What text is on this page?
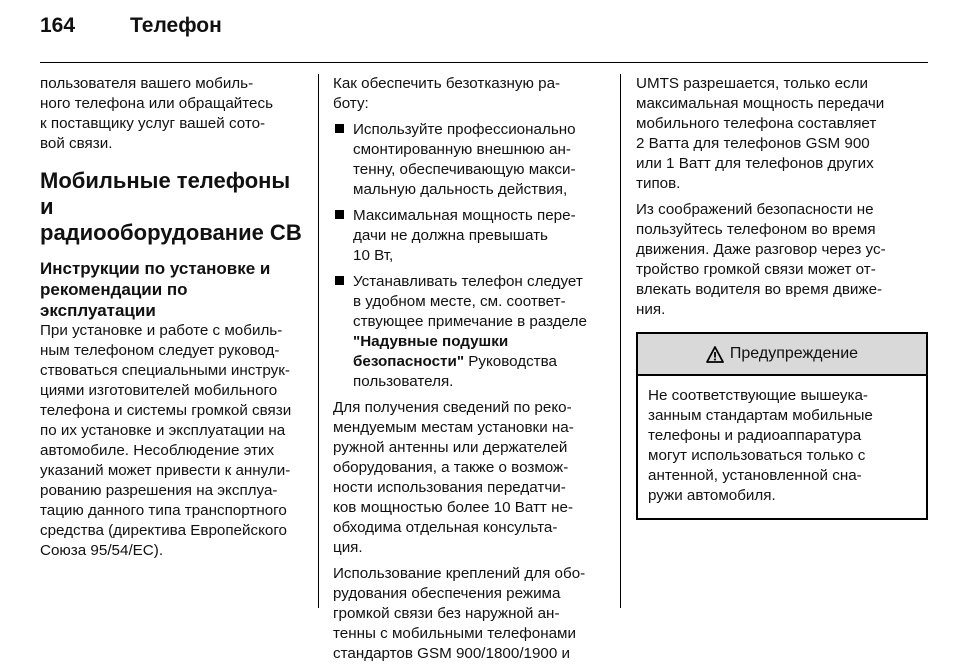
164	Телефон

пользователя вашего мобиль-
ного телефона или обращайтесь
к поставщику услуг вашей сото-
вой связи.

Мобильные телефоны и
радиооборудование CB
Инструкции по установке и
рекомендации по
эксплуатации

При установке и работе с мобиль-
ным телефоном следует руковод-
ствоваться специальными инструк-
циями изготовителей мобильного
телефона и системы громкой связи
по их установке и эксплуатации на
автомобиле. Несоблюдение этих
указаний может привести к аннули-
рованию разрешения на эксплуа-
тацию данного типа транспортного
средства (директива Европейского
Союза 95/54/EC).

Как обеспечить безотказную ра-
боту:

Используйте профессионально
смонтированную внешнюю ан-
тенну, обеспечивающую макси-
мальную дальность действия,
Максимальная мощность пере-
дачи не должна превышать
10 Вт,
Устанавливать телефон следует
в удобном месте, см. соответ-
ствующее примечание в разделе
"Надувные подушки
безопасности" Руководства
пользователя.

Для получения сведений по реко-
мендуемым местам установки на-
ружной антенны или держателей
оборудования, а также о возмож-
ности использования передатчи-
ков мощностью более 10 Ватт не-
обходима отдельная консульта-
ция.

Использование креплений для обо-
рудования обеспечения режима
громкой связи без наружной ан-
тенны с мобильными телефонами
стандартов GSM 900/1800/1900 и

UMTS разрешается, только если
максимальная мощность передачи
мобильного телефона составляет
2 Ватта для телефонов GSM 900
или 1 Ватт для телефонов других
типов.

Из соображений безопасности не
пользуйтесь телефоном во время
движения. Даже разговор через ус-
тройство громкой связи может от-
влекать водителя во время движе-
ния.

Предупреждение
Не соответствующие вышеука-
занным стандартам мобильные
телефоны и радиоаппаратура
могут использоваться только с
антенной, установленной сна-
ружи автомобиля.
